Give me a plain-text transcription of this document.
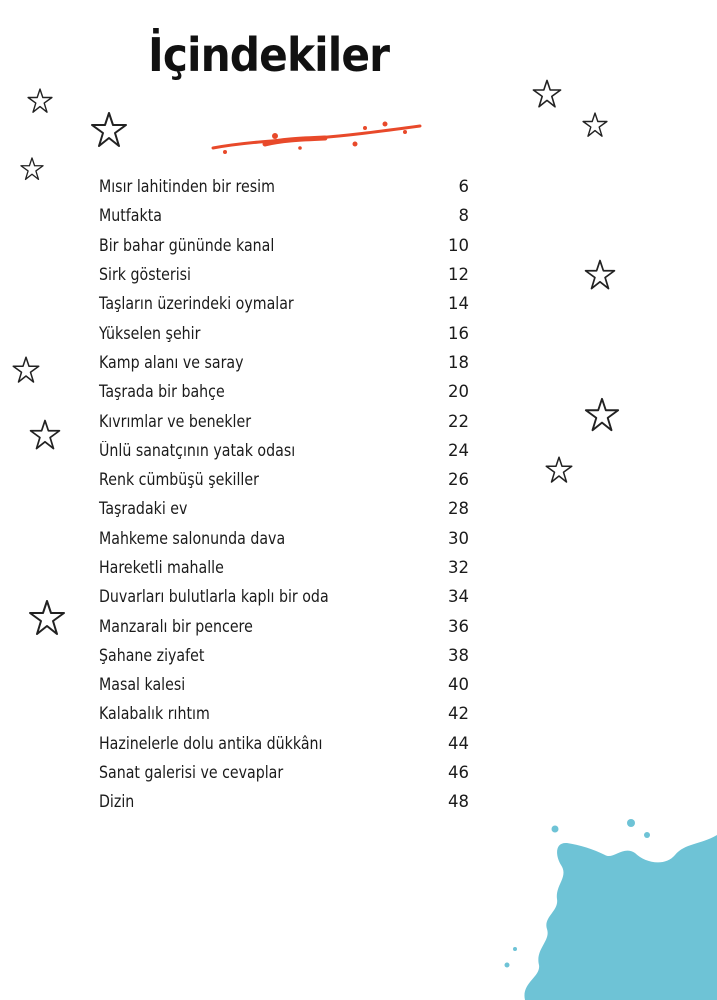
İçindekiler
Mısır lahitinden bir resim	6
Mutfakta	8
Bir bahar gününde kanal	10
Sirk gösterisi	12
Taşların üzerindeki oymalar	14
Yükselen şehir	16
Kamp alanı ve saray	18
Taşrada bir bahçe	20
Kıvrımlar ve benekler	22
Ünlü sanatçının yatak odası	24
Renk cümbüşü şekiller	26
Taşradaki ev	28
Mahkeme salonunda dava	30
Hareketli mahalle	32
Duvarları bulutlarla kaplı bir oda	34
Manzaralı bir pencere	36
Şahane ziyafet	38
Masal kalesi	40
Kalabalık rıhtım	42
Hazinelerle dolu antika dükkânı	44
Sanat galerisi ve cevaplar	46
Dizin	48
